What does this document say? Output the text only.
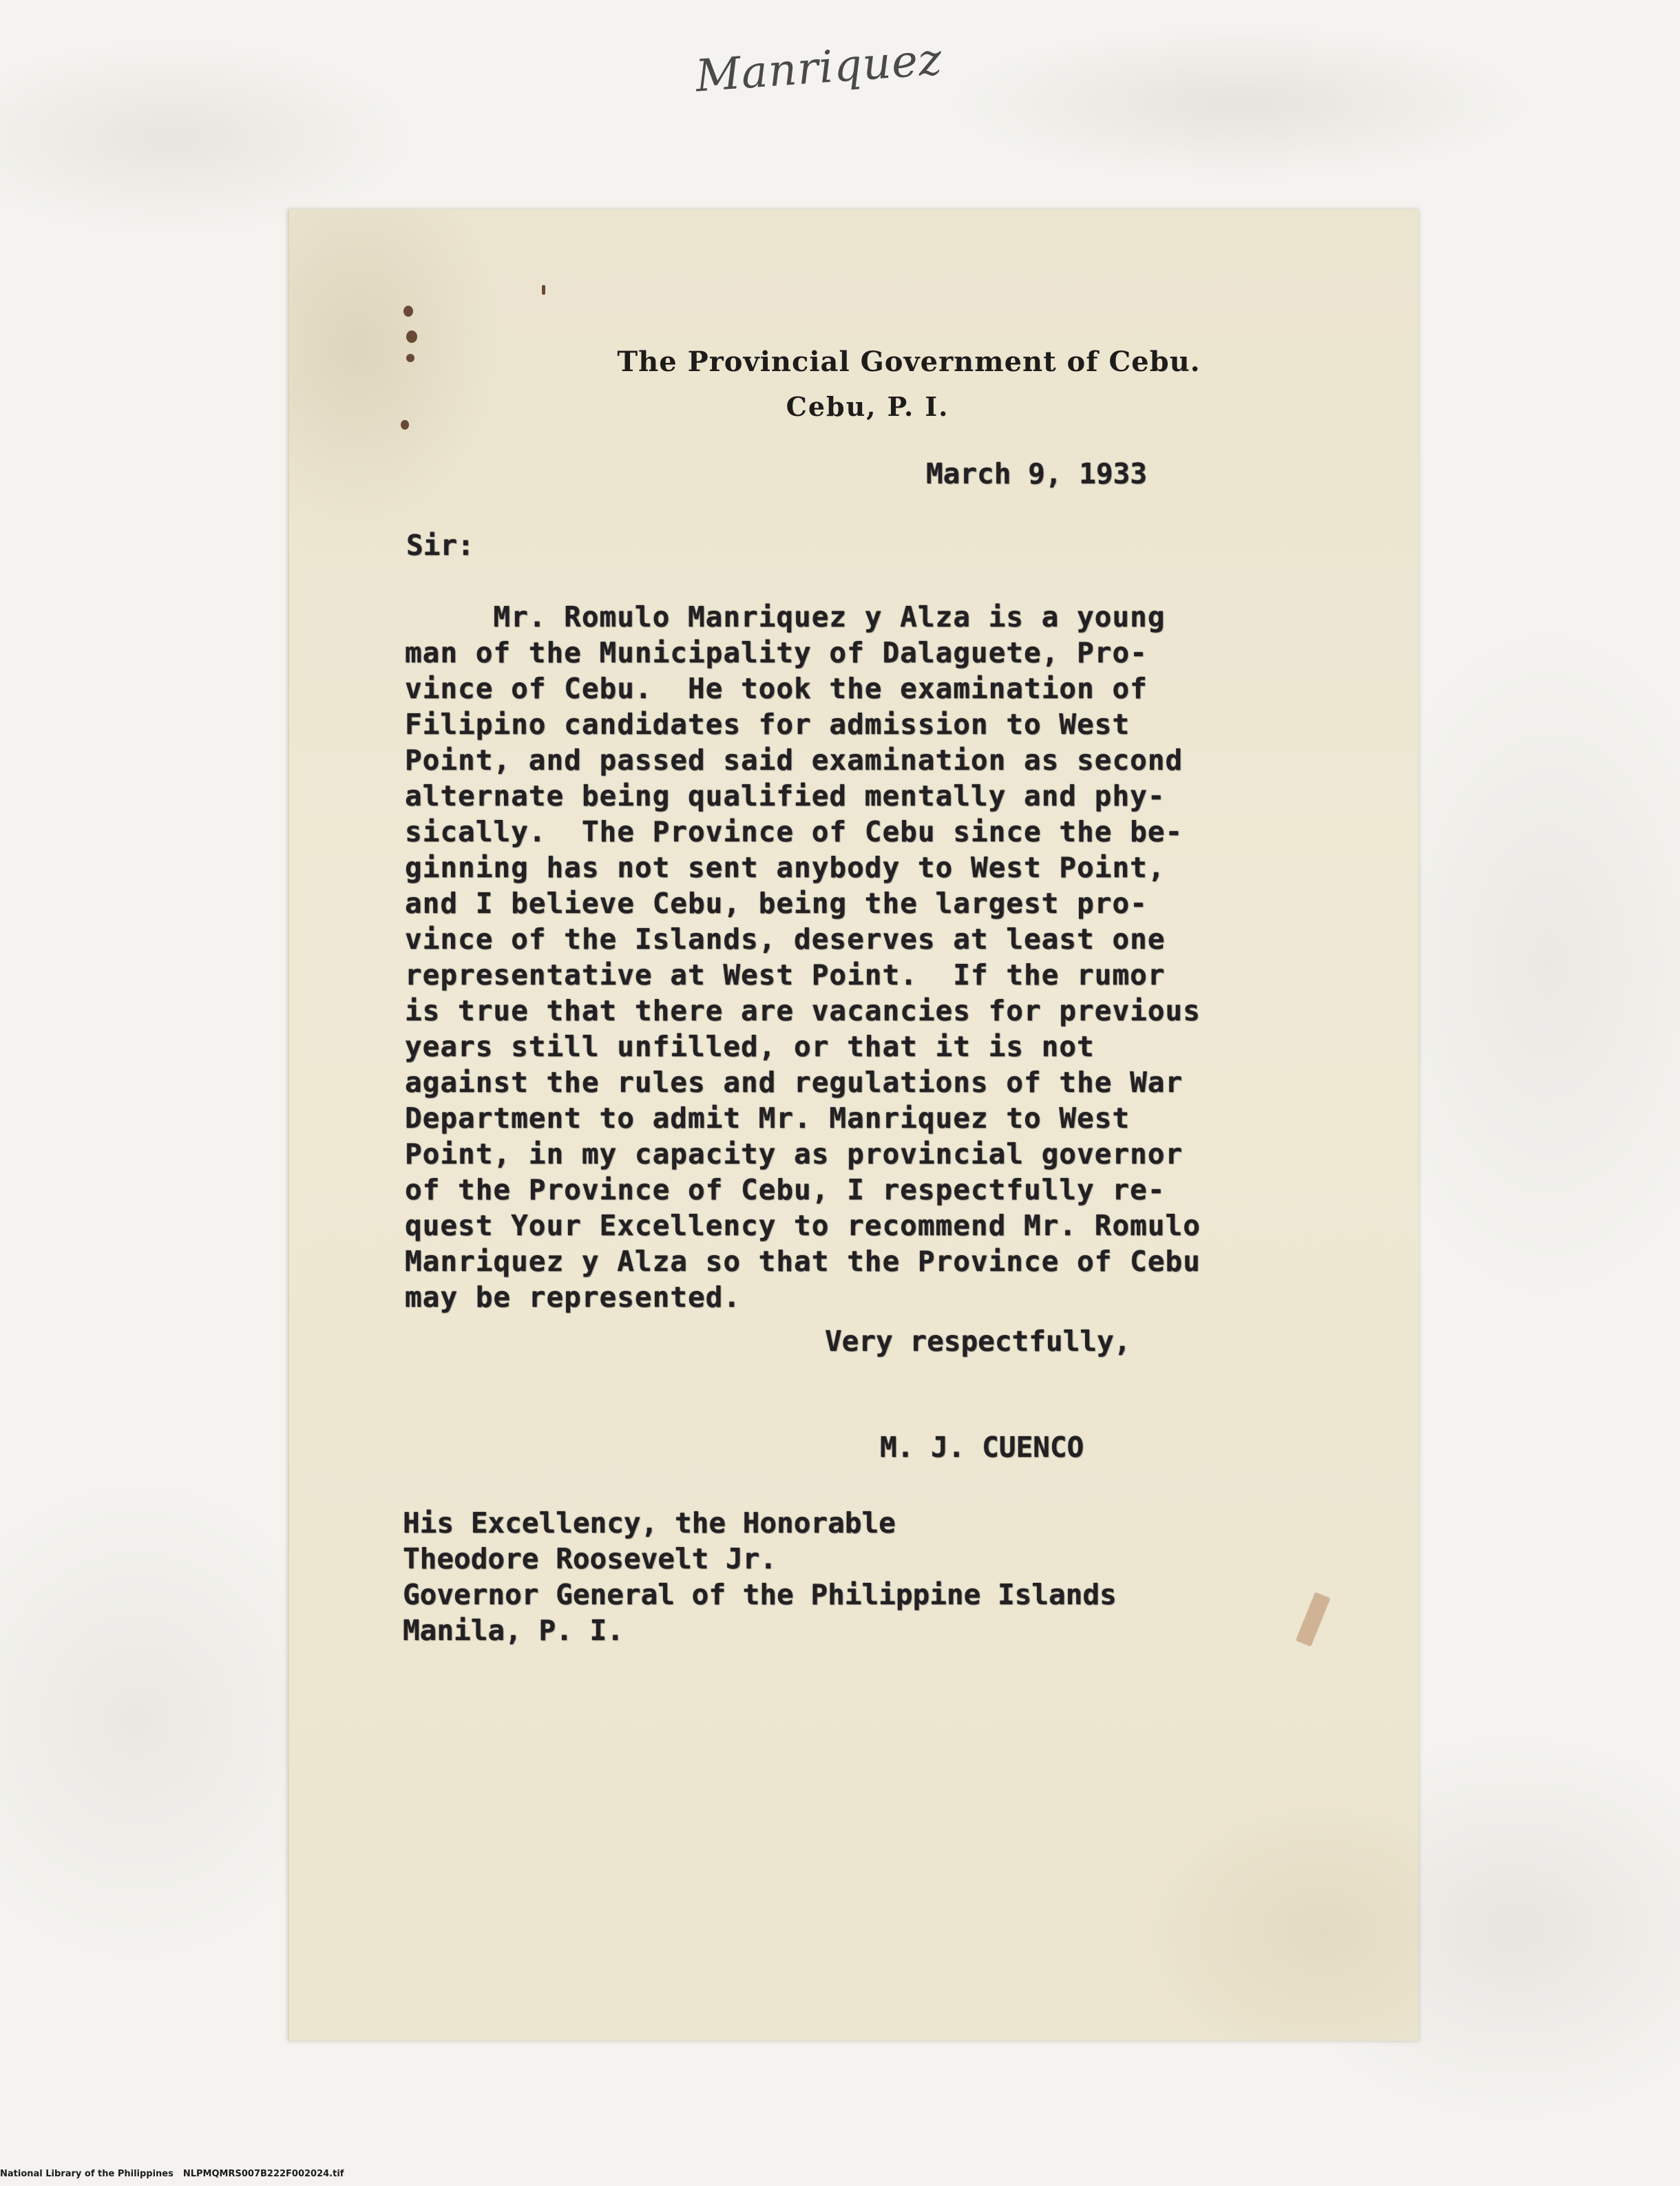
Manriquez
The Provincial Government of Cebu.
Cebu, P. I.
March 9, 1933
Sir:
Mr. Romulo Manriquez y Alza is a young
man of the Municipality of Dalaguete, Pro-
vince of Cebu.  He took the examination of
Filipino candidates for admission to West
Point, and passed said examination as second
alternate being qualified mentally and phy-
sically.  The Province of Cebu since the be-
ginning has not sent anybody to West Point,
and I believe Cebu, being the largest pro-
vince of the Islands, deserves at least one
representative at West Point.  If the rumor
is true that there are vacancies for previous
years still unfilled, or that it is not
against the rules and regulations of the War
Department to admit Mr. Manriquez to West
Point, in my capacity as provincial governor
of the Province of Cebu, I respectfully re-
quest Your Excellency to recommend Mr. Romulo
Manriquez y Alza so that the Province of Cebu
may be represented.
Very respectfully,
M. J. CUENCO
His Excellency, the Honorable
Theodore Roosevelt Jr.
Governor General of the Philippine Islands
Manila, P. I.
National Library of the Philippines NLPMQMRS007B222F002024.tif
